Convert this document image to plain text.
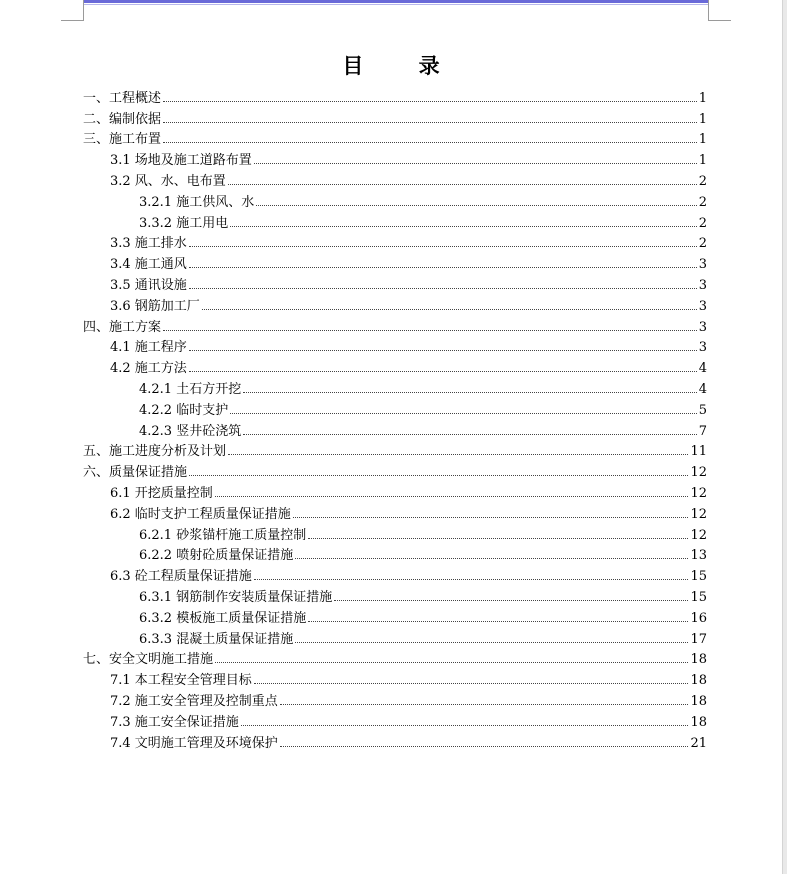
目 录
一、工程概述	1
二、编制依据	1
三、施工布置	1
3.1 场地及施工道路布置	1
3.2 风、水、电布置	2
3.2.1 施工供风、水	2
3.3.2 施工用电	2
3.3 施工排水	2
3.4 施工通风	3
3.5 通讯设施	3
3.6 钢筋加工厂	3
四、施工方案	3
4.1 施工程序	3
4.2 施工方法	4
4.2.1 土石方开挖	4
4.2.2 临时支护	5
4.2.3 竖井砼浇筑	7
五、施工进度分析及计划	11
六、质量保证措施	12
6.1 开挖质量控制	12
6.2 临时支护工程质量保证措施	12
6.2.1 砂浆锚杆施工质量控制	12
6.2.2 喷射砼质量保证措施	13
6.3 砼工程质量保证措施	15
6.3.1 钢筋制作安装质量保证措施	15
6.3.2 模板施工质量保证措施	16
6.3.3 混凝土质量保证措施	17
七、安全文明施工措施	18
7.1 本工程安全管理目标	18
7.2 施工安全管理及控制重点	18
7.3 施工安全保证措施	18
7.4 文明施工管理及环境保护	21
